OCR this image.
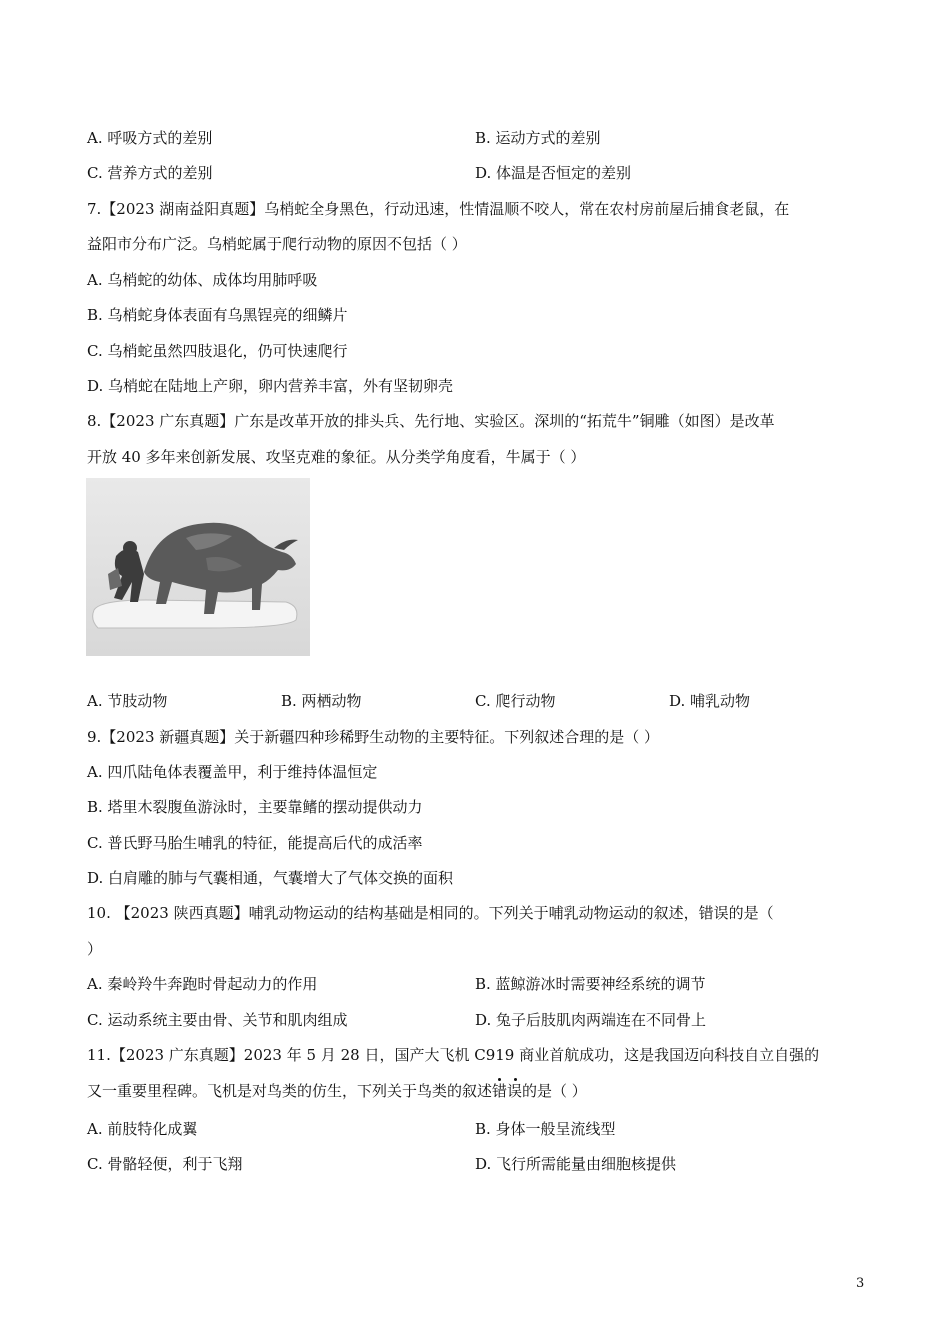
A. 呼吸方式的差别	B. 运动方式的差别
C. 营养方式的差别	D. 体温是否恒定的差别
7.【2023 湖南益阳真题】乌梢蛇全身黑色，行动迅速，性情温顺不咬人，常在农村房前屋后捕食老鼠，在
益阳市分布广泛。乌梢蛇属于爬行动物的原因不包括（ ）
A. 乌梢蛇的幼体、成体均用肺呼吸
B. 乌梢蛇身体表面有乌黑锃亮的细鳞片
C. 乌梢蛇虽然四肢退化，仍可快速爬行
D. 乌梢蛇在陆地上产卵，卵内营养丰富，外有坚韧卵壳
8.【2023 广东真题】广东是改革开放的排头兵、先行地、实验区。深圳的“拓荒牛”铜雕（如图）是改革
开放 40 多年来创新发展、攻坚克难的象征。从分类学角度看，牛属于（ ）
A. 节肢动物	B. 两栖动物	C. 爬行动物	D. 哺乳动物
9.【2023 新疆真题】关于新疆四种珍稀野生动物的主要特征。下列叙述合理的是（ ）
A. 四爪陆龟体表覆盖甲，利于维持体温恒定
B. 塔里木裂腹鱼游泳时，主要靠鳍的摆动提供动力
C. 普氏野马胎生哺乳的特征，能提高后代的成活率
D. 白肩雕的肺与气囊相通，气囊增大了气体交换的面积
10. 【2023 陕西真题】哺乳动物运动的结构基础是相同的。下列关于哺乳动物运动的叙述，错误的是（
）
A. 秦岭羚牛奔跑时骨起动力的作用	B. 蓝鲸游冰时需要神经系统的调节
C. 运动系统主要由骨、关节和肌肉组成	D. 兔子后肢肌肉两端连在不同骨上
11.【2023 广东真题】2023 年 5 月 28 日，国产大飞机 C919 商业首航成功，这是我国迈向科技自立自强的
又一重要里程碑。飞机是对鸟类的仿生，下列关于鸟类的叙述错误的是（ ）
A. 前肢特化成翼	B. 身体一般呈流线型
C. 骨骼轻便，利于飞翔	D. 飞行所需能量由细胞核提供
3
